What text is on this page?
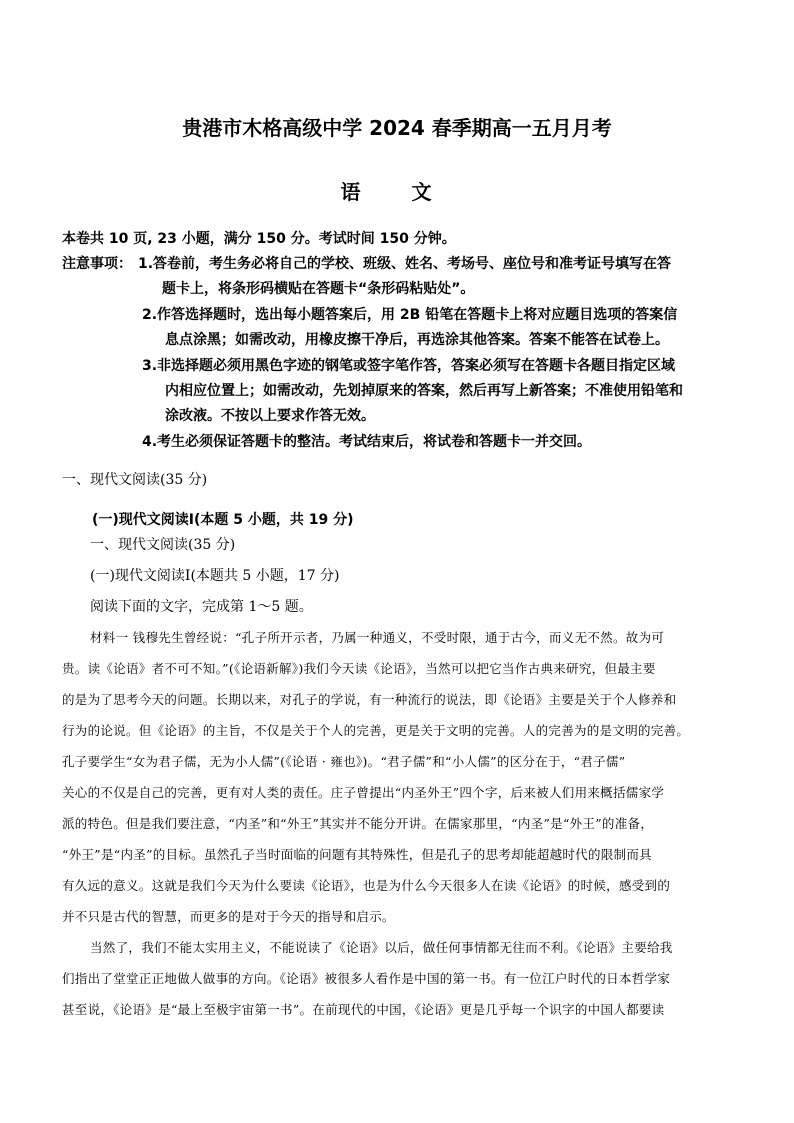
贵港市木格高级中学 2024 春季期高一五月月考
语 文
本卷共 10 页, 23 小题，满分 150 分。考试时间 150 分钟。
注意事项： 1.答卷前，考生务必将自己的学校、班级、姓名、考场号、座位号和准考证号填写在答
题卡上，将条形码横贴在答题卡“条形码粘贴处”。
2.作答选择题时，选出每小题答案后，用 2B 铅笔在答题卡上将对应题目选项的答案信
息点涂黑；如需改动，用橡皮擦干净后，再选涂其他答案。答案不能答在试卷上。
3.非选择题必须用黑色字迹的钢笔或签字笔作答，答案必须写在答题卡各题目指定区域
内相应位置上；如需改动，先划掉原来的答案，然后再写上新答案；不准使用铅笔和
涂改液。不按以上要求作答无效。
4.考生必须保证答题卡的整洁。考试结束后，将试卷和答题卡一并交回。
一、现代文阅读(35 分)
(一)现代文阅读Ⅰ(本题 5 小题，共 19 分)
一、现代文阅读(35 分)
(一)现代文阅读Ⅰ(本题共 5 小题，17 分)
阅读下面的文字，完成第 1～5 题。
材料一 钱穆先生曾经说：“孔子所开示者，乃属一种通义，不受时限，通于古今，而义无不然。故为可
贵。读《论语》者不可不知。”(《论语新解》)我们今天读《论语》，当然可以把它当作古典来研究，但最主要
的是为了思考今天的问题。长期以来，对孔子的学说，有一种流行的说法，即《论语》主要是关于个人修养和
行为的论说。但《论语》的主旨，不仅是关于个人的完善，更是关于文明的完善。人的完善为的是文明的完善。
孔子要学生“女为君子儒，无为小人儒”(《论语 · 雍也》)。“君子儒”和“小人儒”的区分在于，“君子儒”
关心的不仅是自己的完善，更有对人类的责任。庄子曾提出“内圣外王”四个字，后来被人们用来概括儒家学
派的特色。但是我们要注意，“内圣”和“外王”其实并不能分开讲。在儒家那里，“内圣”是“外王”的准备，
“外王”是“内圣”的目标。虽然孔子当时面临的问题有其特殊性，但是孔子的思考却能超越时代的限制而具
有久远的意义。这就是我们今天为什么要读《论语》，也是为什么今天很多人在读《论语》的时候，感受到的
并不只是古代的智慧，而更多的是对于今天的指导和启示。
当然了，我们不能太实用主义，不能说读了《论语》以后，做任何事情都无往而不利。《论语》主要给我
们指出了堂堂正正地做人做事的方向。《论语》被很多人看作是中国的第一书。有一位江户时代的日本哲学家
甚至说，《论语》是“最上至极宇宙第一书”。在前现代的中国，《论语》更是几乎每一个识字的中国人都要读
